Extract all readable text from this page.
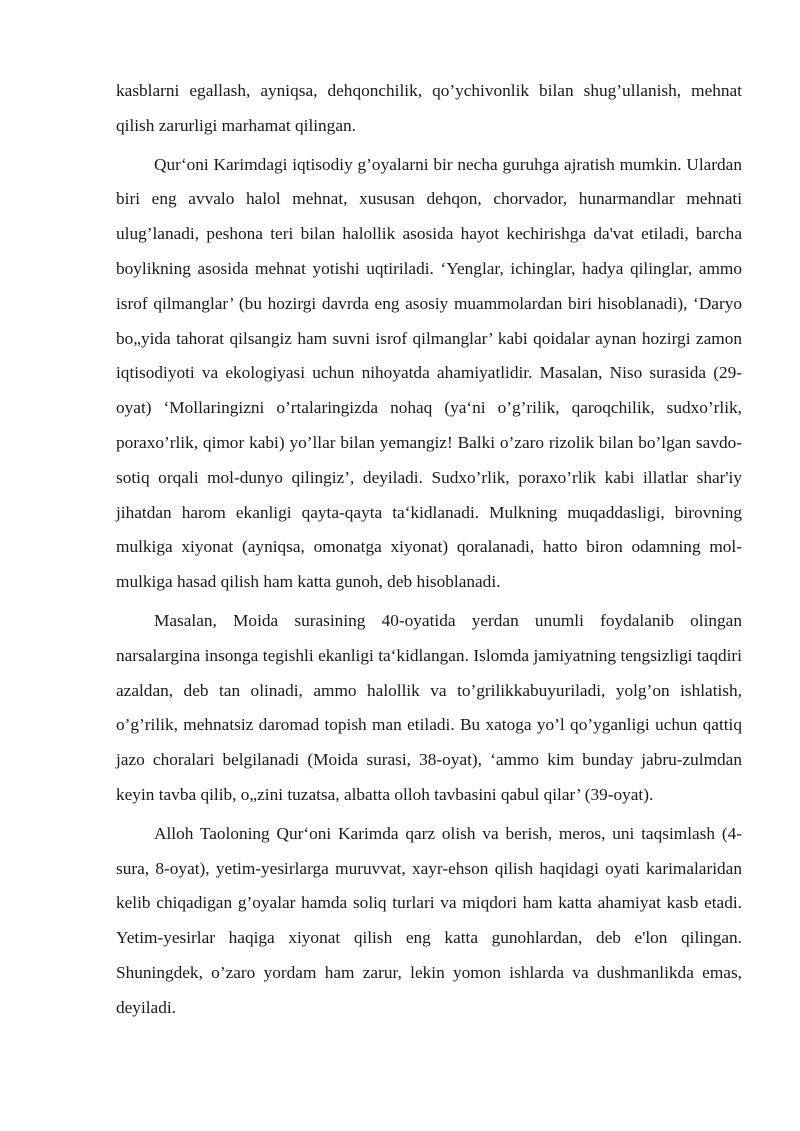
kasblarni egallash, ayniqsa, dehqonchilik, qo’ychivonlik bilan shug’ullanish, mehnat qilish zarurligi marhamat qilingan.

Qur‘oni Karimdagi iqtisodiy g’oyalarni bir necha guruhga ajratish mumkin. Ulardan biri eng avvalo halol mehnat, xususan dehqon, chorvador, hunarmandlar mehnati ulug’lanadi, peshona teri bilan halollik asosida hayot kechirishga da'vat etiladi, barcha boylikning asosida mehnat yotishi uqtiriladi. ‘Yenglar, ichinglar, hadya qilinglar, ammo isrof qilmanglar’ (bu hozirgi davrda eng asosiy muammolardan biri hisoblanadi), ‘Daryo bo„yida tahorat qilsangiz ham suvni isrof qilmanglar’ kabi qoidalar aynan hozirgi zamon iqtisodiyoti va ekologiyasi uchun nihoyatda ahamiyatlidir. Masalan, Niso surasida (29-oyat) ‘Mollaringizni o’rtalaringizda nohaq (ya‘ni o’g’rilik, qaroqchilik, sudxo’rlik, poraxo’rlik, qimor kabi) yo’llar bilan yemangiz! Balki o’zaro rizolik bilan bo’lgan savdo-sotiq orqali mol-dunyo qilingiz’, deyiladi. Sudxo’rlik, poraxo’rlik kabi illatlar shar'iy jihatdan harom ekanligi qayta-qayta ta‘kidlanadi. Mulkning muqaddasligi, birovning mulkiga xiyonat (ayniqsa, omonatga xiyonat) qoralanadi, hatto biron odamning mol-mulkiga hasad qilish ham katta gunoh, deb hisoblanadi.

Masalan, Moida surasining 40-oyatida yerdan unumli foydalanib olingan narsalargina insonga tegishli ekanligi ta‘kidlangan. Islomda jamiyatning tengsizligi taqdiri azaldan, deb tan olinadi, ammo halollik va to’grilikkabuyuriladi, yolg’on ishlatish, o’g’rilik, mehnatsiz daromad topish man etiladi. Bu xatoga yo’l qo’yganligi uchun qattiq jazo choralari belgilanadi (Moida surasi, 38-oyat), ‘ammo kim bunday jabru-zulmdan keyin tavba qilib, o„zini tuzatsa, albatta olloh tavbasini qabul qilar’ (39-oyat).

Alloh Taoloning Qur‘oni Karimda qarz olish va berish, meros, uni taqsimlash (4-sura, 8-oyat), yetim-yesirlarga muruvvat, xayr-ehson qilish haqidagi oyati karimalaridan kelib chiqadigan g’oyalar hamda soliq turlari va miqdori ham katta ahamiyat kasb etadi. Yetim-yesirlar haqiga xiyonat qilish eng katta gunohlardan, deb e'lon qilingan. Shuningdek, o’zaro yordam ham zarur, lekin yomon ishlarda va dushmanlikda emas, deyiladi.
